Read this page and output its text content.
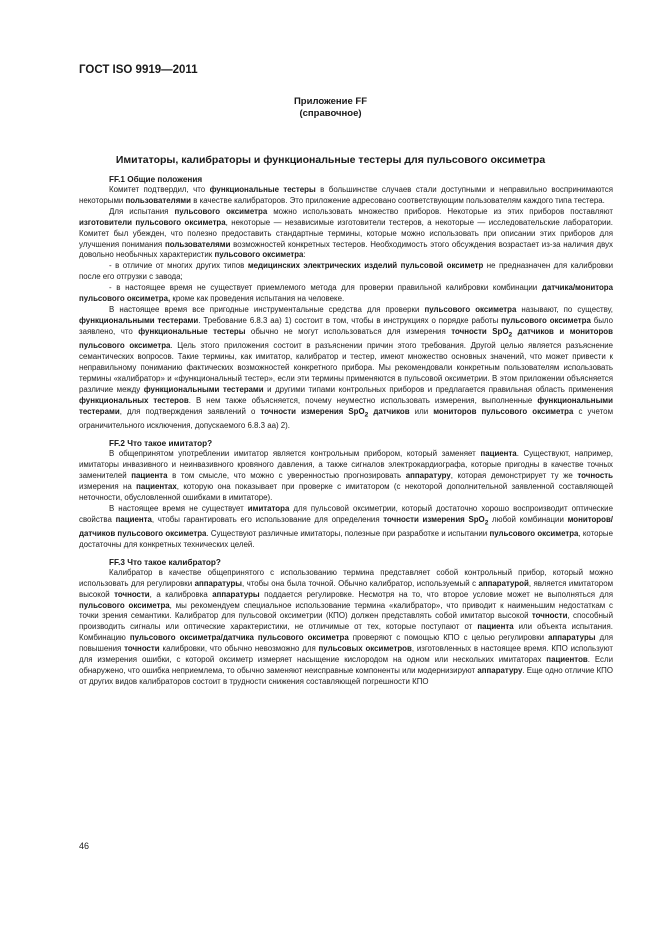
ГОСТ ISO 9919—2011
Приложение FF
(справочное)
Имитаторы, калибраторы и функциональные тестеры для пульсового оксиметра
FF.1 Общие положения

Комитет подтвердил, что функциональные тестеры в большинстве случаев стали доступными и неправильно воспринимаются некоторыми пользователями в качестве калибраторов. Это приложение адресовано соответствующим пользователям каждого типа тестера.

Для испытания пульсового оксиметра можно использовать множество приборов. Некоторые из этих приборов поставляют изготовители пульсового оксиметра, некоторые — независимые изготовители тестеров, а некоторые — исследовательские лаборатории. Комитет был убежден, что полезно предоставить стандартные термины, которые можно использовать при описании этих приборов для улучшения понимания пользователями возможностей конкретных тестеров. Необходимость этого обсуждения возрастает из-за наличия двух довольно необычных характеристик пульсового оксиметра:

- в отличие от многих других типов медицинских электрических изделий пульсовой оксиметр не предназначен для калибровки после его отгрузки с завода;

- в настоящее время не существует приемлемого метода для проверки правильной калибровки комбинации датчика/монитора пульсового оксиметра, кроме как проведения испытания на человеке.

В настоящее время все пригодные инструментальные средства для проверки пульсового оксиметра называют, по существу, функциональными тестерами. Требование 6.8.3 аа) 1) состоит в том, чтобы в инструкциях о порядке работы пульсового оксиметра было заявлено, что функциональные тестеры обычно не могут использоваться для измерения точности SpO$_2$ датчиков и мониторов пульсового оксиметра. Цель этого приложения состоит в разъяснении причин этого требования. Другой целью является разъяснение семантических вопросов. Такие термины, как имитатор, калибратор и тестер, имеют множество основных значений, что может привести к неправильному пониманию фактических возможностей конкретного прибора. Мы рекомендовали конкретным пользователям использовать термины «калибратор» и «функциональный тестер», если эти термины применяются в пульсовой оксиметрии. В этом приложении объясняется различие между функциональными тестерами и другими типами контрольных приборов и предлагается правильная область применения функциональных тестеров. В нем также объясняется, почему неуместно использовать измерения, выполненные функциональными тестерами, для подтверждения заявлений о точности измерения SpO$_2$ датчиков или мониторов пульсового оксиметра с учетом ограничительного исключения, допускаемого 6.8.3 аа) 2).

FF.2 Что такое имитатор?

В общепринятом употреблении имитатор является контрольным прибором, который заменяет пациента. Существуют, например, имитаторы инвазивного и неинвазивного кровяного давления, а также сигналов электрокардиографа, которые пригодны в качестве точных заменителей пациента в том смысле, что можно с уверенностью прогнозировать аппаратуру, которая демонстрирует ту же точность измерения на пациентах, которую она показывает при проверке с имитатором (с некоторой дополнительной заявленной составляющей неточности, обусловленной ошибками в имитаторе).

В настоящее время не существует имитатора для пульсовой оксиметрии, который достаточно хорошо воспроизводит оптические свойства пациента, чтобы гарантировать его использование для определения точности измерения SpO$_2$ любой комбинации мониторов/датчиков пульсового оксиметра. Существуют различные имитаторы, полезные при разработке и испытании пульсового оксиметра, которые достаточны для конкретных технических целей.

FF.3 Что такое калибратор?

Калибратор в качестве общепринятого с использованию термина представляет собой контрольный прибор, который можно использовать для регулировки аппаратуры, чтобы она была точной. Обычно калибратор, используемый с аппаратурой, является имитатором высокой точности, а калибровка аппаратуры поддается регулировке. Несмотря на то, что второе условие может не выполняться для пульсового оксиметра, мы рекомендуем специальное использование термина «калибратор», что приводит к наименьшим недостаткам с точки зрения семантики. Калибратор для пульсовой оксиметрии (КПО) должен представлять собой имитатор высокой точности, способный производить сигналы или оптические характеристики, не отличимые от тех, которые поступают от пациента или объекта испытания. Комбинацию пульсового оксиметра/датчика пульсового оксиметра проверяют с помощью КПО с целью регулировки аппаратуры для повышения точности калибровки, что обычно невозможно для пульсовых оксиметров, изготовленных в настоящее время. КПО используют для измерения ошибки, с которой оксиметр измеряет насыщение кислородом на одном или нескольких имитаторах пациентов. Если обнаружено, что ошибка неприемлема, то обычно заменяют неисправные компоненты или модернизируют аппаратуру. Еще одно отличие КПО от других видов калибраторов состоит в трудности снижения составляющей погрешности КПО

46
